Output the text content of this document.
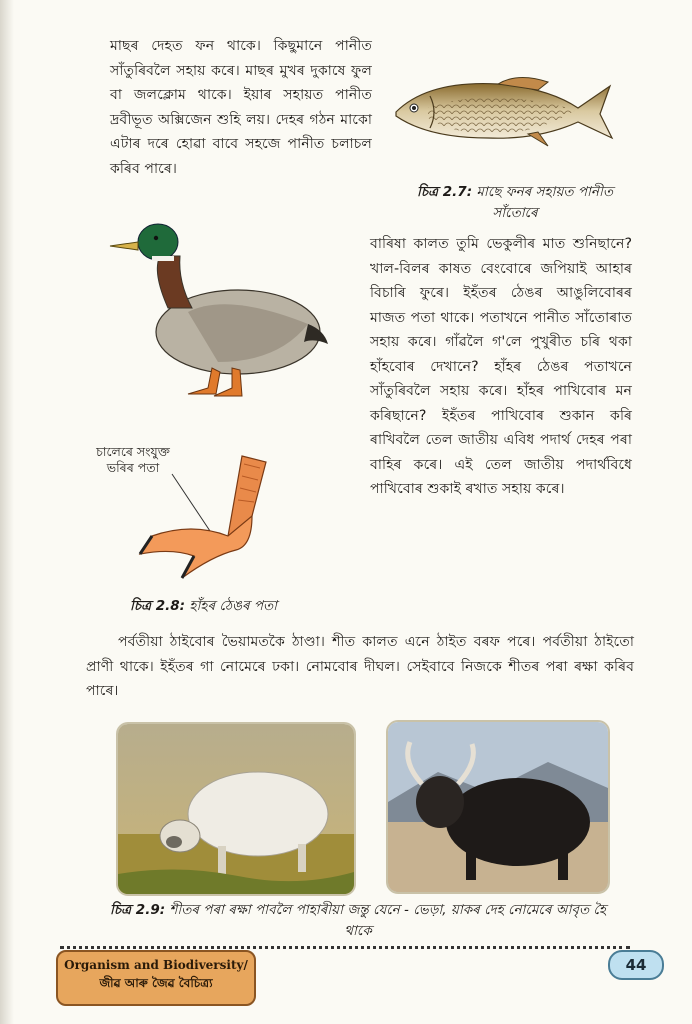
মাছৰ দেহত ফন থাকে। কিছুমানে পানীত সাঁতুৰিবলৈ সহায় কৰে। মাছৰ মুখৰ দুকাষে ফুল বা জলক্লোম থাকে। ইয়াৰ সহায়ত পানীত দ্ৰবীভূত অক্সিজেন শুহি লয়। দেহৰ গঠন মাকো এটাৰ দৰে হোৱা বাবে সহজে পানীত চলাচল কৰিব পাৰে।

চিত্ৰ 2.7: মাছে ফনৰ সহায়ত পানীত সাঁতোৰে

বাৰিষা কালত তুমি ভেকুলীৰ মাত শুনিছানে? খাল-বিলৰ কাষত বেংবোৰে জপিয়াই আহাৰ বিচাৰি ফুৰে। ইহঁতৰ ঠেঙৰ আঙুলিবোৰৰ মাজত পতা থাকে। পতাখনে পানীত সাঁতোৰাত সহায় কৰে। গাঁৱলৈ গ'লে পুখুৰীত চৰি থকা হাঁহবোৰ দেখানে? হাঁহৰ ঠেঙৰ পতাখনে সাঁতুৰিবলৈ সহায় কৰে। হাঁহৰ পাখিবোৰ মন কৰিছানে? ইহঁতৰ পাখিবোৰ শুকান কৰি ৰাখিবলৈ তেল জাতীয় এবিধ পদাৰ্থ দেহৰ পৰা বাহিৰ কৰে। এই তেল জাতীয় পদাৰ্থবিধে পাখিবোৰ শুকাই ৰখাত সহায় কৰে।

চালেৰে সংযুক্ত
ভৰিৰ পতা

চিত্ৰ 2.8: হাঁহৰ ঠেঙৰ পতা

পৰ্বতীয়া ঠাইবোৰ ভৈয়ামতকৈ ঠাণ্ডা। শীত কালত এনে ঠাইত বৰফ পৰে। পৰ্বতীয়া ঠাইতো প্ৰাণী থাকে। ইহঁতৰ গা নোমেৰে ঢকা। নোমবোৰ দীঘল। সেইবাবে নিজকে শীতৰ পৰা ৰক্ষা কৰিব পাৰে।

চিত্ৰ 2.9: শীতৰ পৰা ৰক্ষা পাবলৈ পাহাৰীয়া জন্তু যেনে - ভেড়া, য়াকৰ দেহ নোমেৰে আবৃত হৈ থাকে

Organism and Biodiversity/
জীৱ আৰু জৈৱ বৈচিত্ৰ্য
44
